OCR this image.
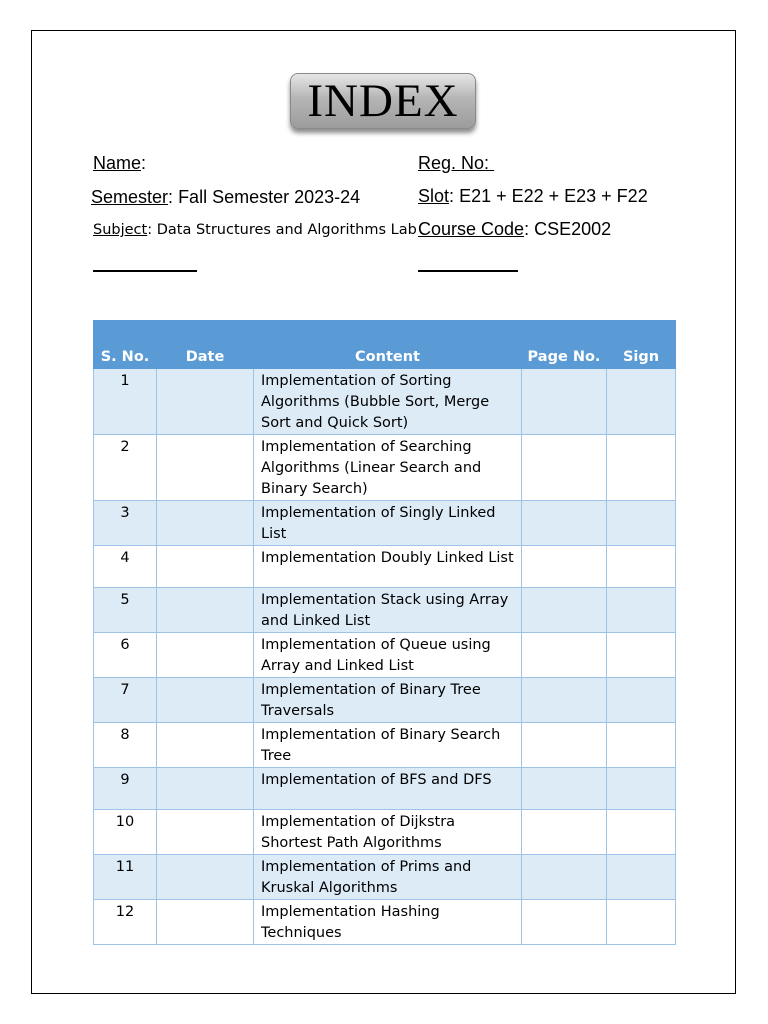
INDEX
Name:	Reg. No:
Semester: Fall Semester 2023-24	Slot: E21 + E22 + E23 + F22
Subject: Data Structures and Algorithms Lab Course Code: CSE2002
S. No.	Date	Content	Page No.	Sign
1		Implementation of Sorting Algorithms (Bubble Sort, Merge Sort and Quick Sort)		
2		Implementation of Searching Algorithms (Linear Search and Binary Search)		
3		Implementation of Singly Linked List		
4		Implementation Doubly Linked List		
5		Implementation Stack using Array and Linked List		
6		Implementation of Queue using Array and Linked List		
7		Implementation of Binary Tree Traversals		
8		Implementation of Binary Search Tree		
9		Implementation of BFS and DFS		
10		Implementation of Dijkstra Shortest Path Algorithms		
11		Implementation of Prims and Kruskal Algorithms		
12		Implementation Hashing Techniques		
